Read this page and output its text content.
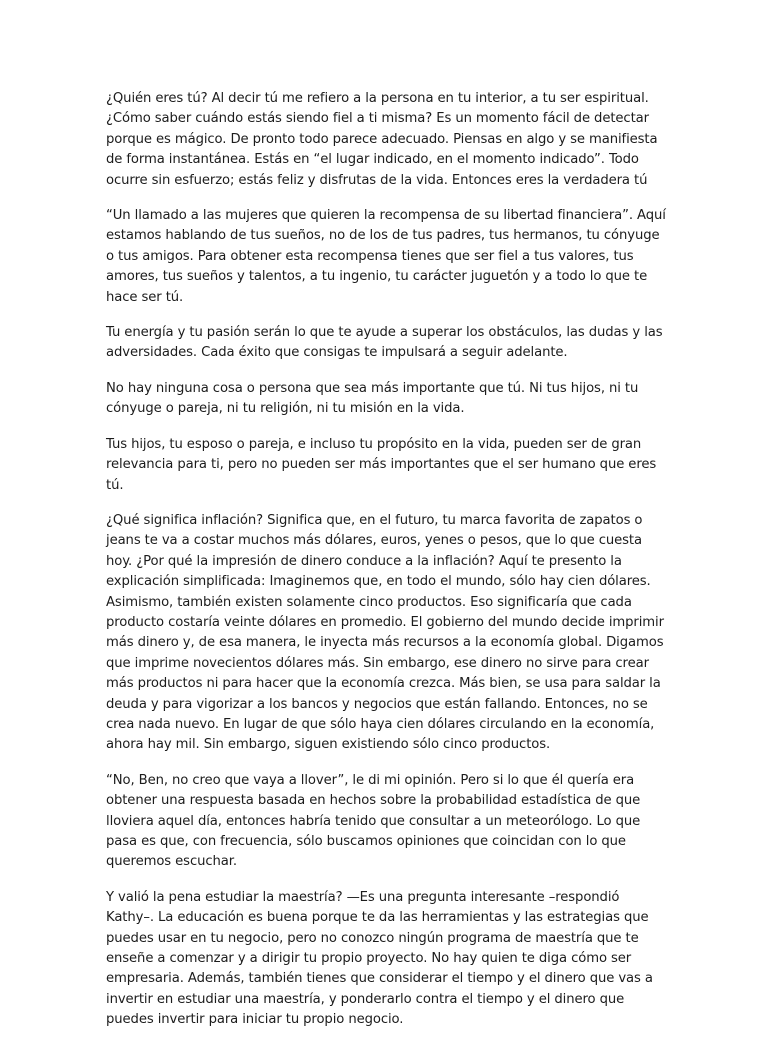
¿Quién eres tú? Al decir tú me refiero a la persona en tu interior, a tu ser espiritual. ¿Cómo saber cuándo estás siendo fiel a ti misma? Es un momento fácil de detectar porque es mágico. De pronto todo parece adecuado. Piensas en algo y se manifiesta de forma instantánea. Estás en “el lugar indicado, en el momento indicado”. Todo ocurre sin esfuerzo; estás feliz y disfrutas de la vida. Entonces eres la verdadera tú

“Un llamado a las mujeres que quieren la recompensa de su libertad financiera”. Aquí estamos hablando de tus sueños, no de los de tus padres, tus hermanos, tu cónyuge o tus amigos. Para obtener esta recompensa tienes que ser fiel a tus valores, tus amores, tus sueños y talentos, a tu ingenio, tu carácter juguetón y a todo lo que te hace ser tú.

Tu energía y tu pasión serán lo que te ayude a superar los obstáculos, las dudas y las adversidades. Cada éxito que consigas te impulsará a seguir adelante.

No hay ninguna cosa o persona que sea más importante que tú. Ni tus hijos, ni tu cónyuge o pareja, ni tu religión, ni tu misión en la vida.

Tus hijos, tu esposo o pareja, e incluso tu propósito en la vida, pueden ser de gran relevancia para ti, pero no pueden ser más importantes que el ser humano que eres tú.

¿Qué significa inflación? Significa que, en el futuro, tu marca favorita de zapatos o jeans te va a costar muchos más dólares, euros, yenes o pesos, que lo que cuesta hoy. ¿Por qué la impresión de dinero conduce a la inflación? Aquí te presento la explicación simplificada: Imaginemos que, en todo el mundo, sólo hay cien dólares. Asimismo, también existen solamente cinco productos. Eso significaría que cada producto costaría veinte dólares en promedio. El gobierno del mundo decide imprimir más dinero y, de esa manera, le inyecta más recursos a la economía global. Digamos que imprime novecientos dólares más. Sin embargo, ese dinero no sirve para crear más productos ni para hacer que la economía crezca. Más bien, se usa para saldar la deuda y para vigorizar a los bancos y negocios que están fallando. Entonces, no se crea nada nuevo. En lugar de que sólo haya cien dólares circulando en la economía, ahora hay mil. Sin embargo, siguen existiendo sólo cinco productos.

“No, Ben, no creo que vaya a llover”, le di mi opinión. Pero si lo que él quería era obtener una respuesta basada en hechos sobre la probabilidad estadística de que lloviera aquel día, entonces habría tenido que consultar a un meteorólogo. Lo que pasa es que, con frecuencia, sólo buscamos opiniones que coincidan con lo que queremos escuchar.

Y valió la pena estudiar la maestría? —Es una pregunta interesante –respondió Kathy–. La educación es buena porque te da las herramientas y las estrategias que puedes usar en tu negocio, pero no conozco ningún programa de maestría que te enseñe a comenzar y a dirigir tu propio proyecto. No hay quien te diga cómo ser empresaria. Además, también tienes que considerar el tiempo y el dinero que vas a invertir en estudiar una maestría, y ponderarlo contra el tiempo y el dinero que puedes invertir para iniciar tu propio negocio.
